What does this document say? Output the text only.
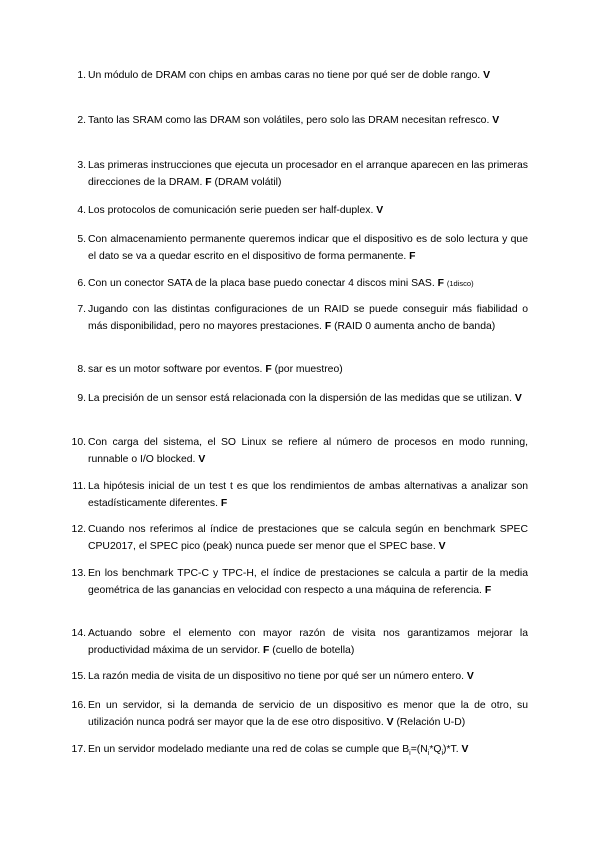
1. Un módulo de DRAM con chips en ambas caras no tiene por qué ser de doble rango. V
2. Tanto las SRAM como las DRAM son volátiles, pero solo las DRAM necesitan refresco. V
3. Las primeras instrucciones que ejecuta un procesador en el arranque aparecen en las primeras direcciones de la DRAM. F (DRAM volátil)
4. Los protocolos de comunicación serie pueden ser half-duplex. V
5. Con almacenamiento permanente queremos indicar que el dispositivo es de solo lectura y que el dato se va a quedar escrito en el dispositivo de forma permanente. F
6. Con un conector SATA de la placa base puedo conectar 4 discos mini SAS. F (1disco)
7. Jugando con las distintas configuraciones de un RAID se puede conseguir más fiabilidad o más disponibilidad, pero no mayores prestaciones. F (RAID 0 aumenta ancho de banda)
8. sar es un motor software por eventos. F (por muestreo)
9. La precisión de un sensor está relacionada con la dispersión de las medidas que se utilizan. V
10. Con carga del sistema, el SO Linux se refiere al número de procesos en modo running, runnable o I/O blocked. V
11. La hipótesis inicial de un test t es que los rendimientos de ambas alternativas a analizar son estadísticamente diferentes. F
12. Cuando nos referimos al índice de prestaciones que se calcula según en benchmark SPEC CPU2017, el SPEC pico (peak) nunca puede ser menor que el SPEC base. V
13. En los benchmark TPC-C y TPC-H, el índice de prestaciones se calcula a partir de la media geométrica de las ganancias en velocidad con respecto a una máquina de referencia. F
14. Actuando sobre el elemento con mayor razón de visita nos garantizamos mejorar la productividad máxima de un servidor. F (cuello de botella)
15. La razón media de visita de un dispositivo no tiene por qué ser un número entero. V
16. En un servidor, si la demanda de servicio de un dispositivo es menor que la de otro, su utilización nunca podrá ser mayor que la de ese otro dispositivo. V (Relación U-D)
17. En un servidor modelado mediante una red de colas se cumple que $B_i=(N_i*Q_i)*T$. V
